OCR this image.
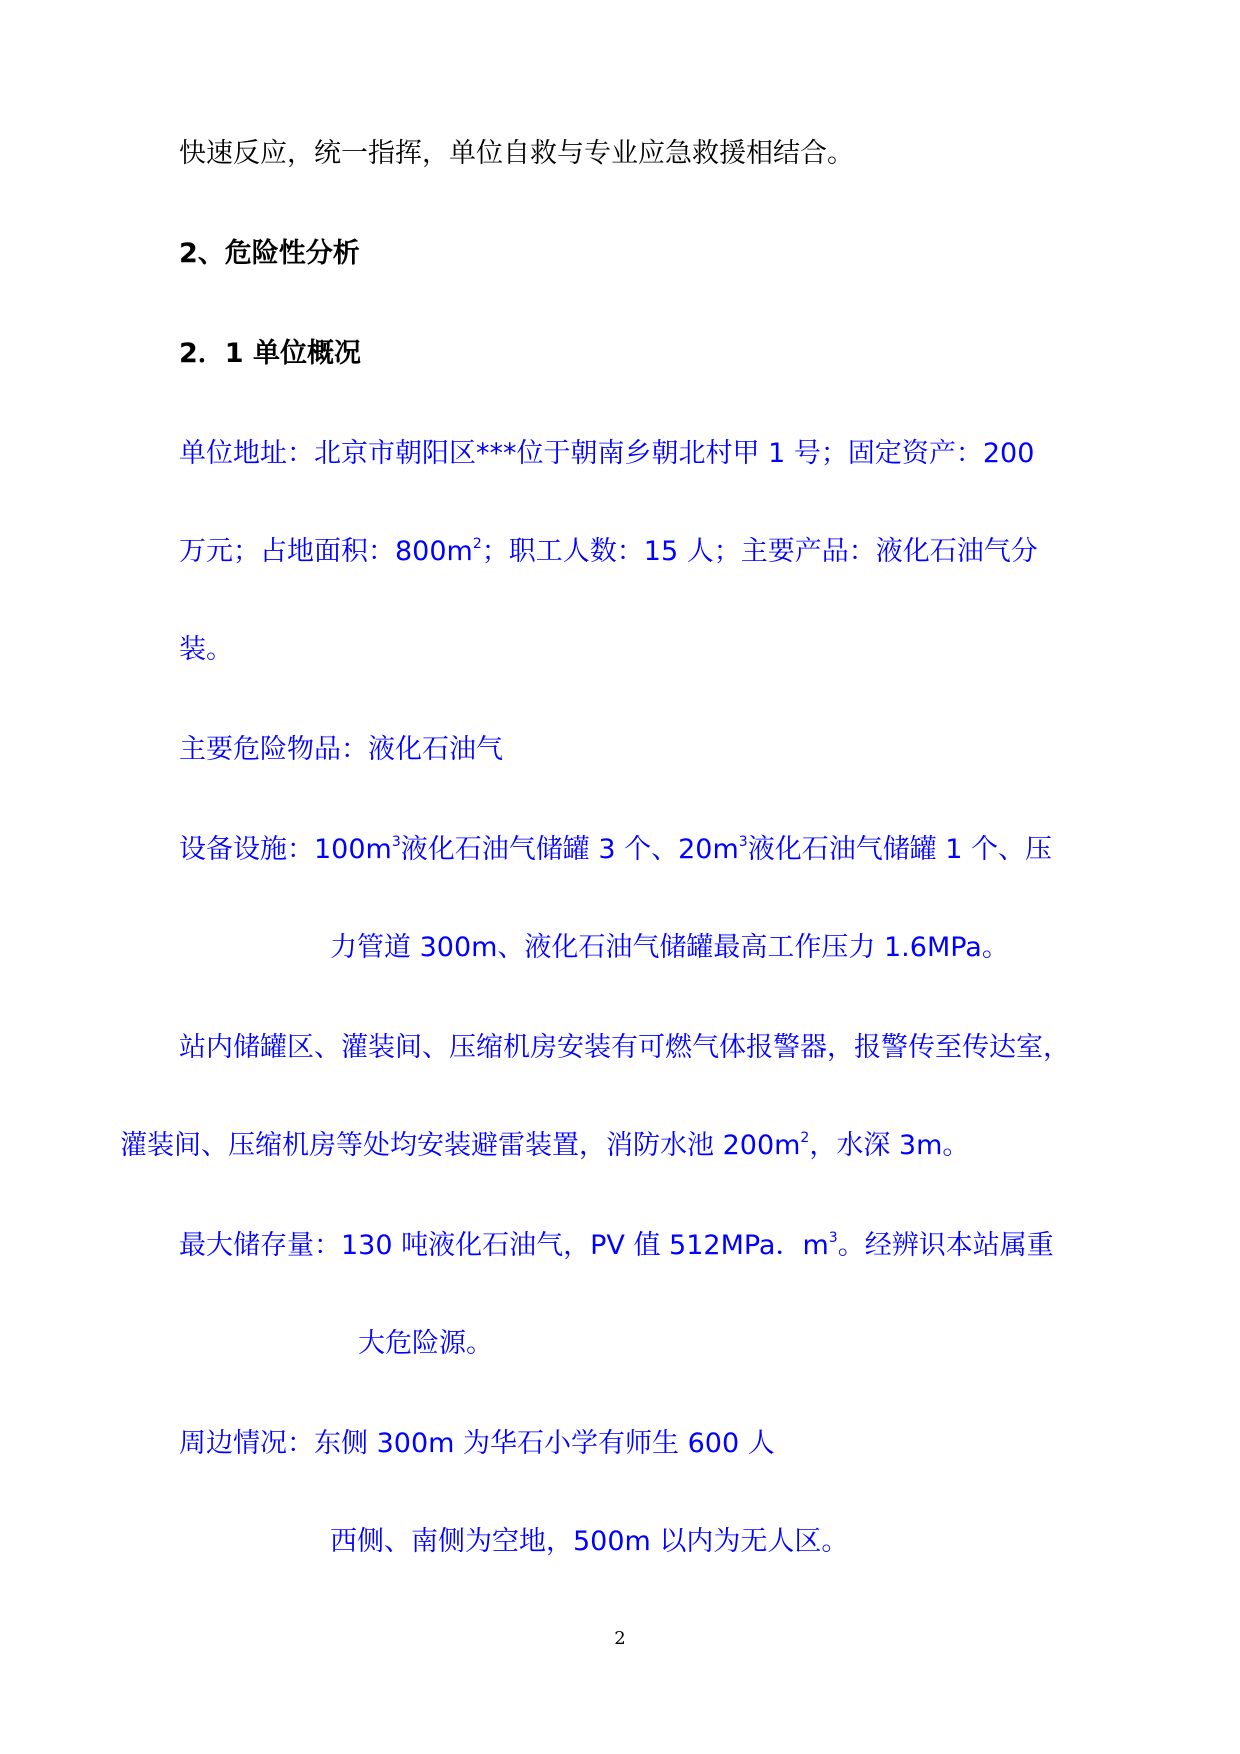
快速反应，统一指挥，单位自救与专业应急救援相结合。
2、危险性分析
2．1 单位概况
单位地址：北京市朝阳区***位于朝南乡朝北村甲 1 号；固定资产：200
万元；占地面积：$800m^2$；职工人数：15 人；主要产品：液化石油气分
装。
主要危险物品：液化石油气
设备设施：$100m^3$液化石油气储罐 3 个、$20m^3$液化石油气储罐 1 个、压
力管道 300m、液化石油气储罐最高工作压力 1.6MPa。
站内储罐区、灌装间、压缩机房安装有可燃气体报警器，报警传至传达室，
灌装间、压缩机房等处均安装避雷装置，消防水池 $200m^2$，水深 3m。
最大储存量：130 吨液化石油气，PV 值 512MPa．$m^3$。经辨识本站属重
大危险源。
周边情况：东侧 300m 为华石小学有师生 600 人
西侧、南侧为空地，500m 以内为无人区。
2
